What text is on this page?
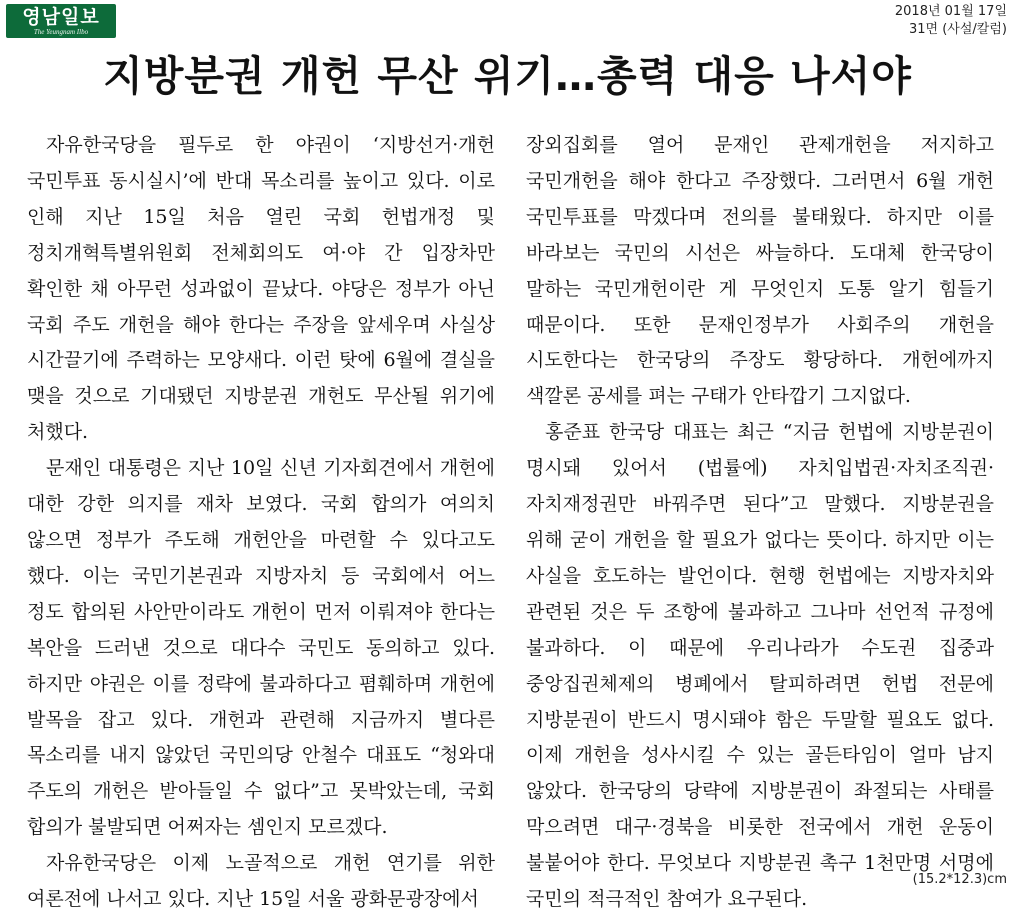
영남일보
The Yeungnam Ilbo
2018년 01월 17일
31면 (사설/칼럼)
지방분권 개헌 무산 위기…총력 대응 나서야

자유한국당을 필두로 한 야권이 ‘지방선거·개헌 국민투표 동시실시’에 반대 목소리를 높이고 있다. 이로 인해 지난 15일 처음 열린 국회 헌법개정 및 정치개혁특별위원회 전체회의도 여·야 간 입장차만 확인한 채 아무런 성과없이 끝났다. 야당은 정부가 아닌 국회 주도 개헌을 해야 한다는 주장을 앞세우며 사실상 시간끌기에 주력하는 모양새다. 이런 탓에 6월에 결실을 맺을 것으로 기대됐던 지방분권 개헌도 무산될 위기에 처했다.

문재인 대통령은 지난 10일 신년 기자회견에서 개헌에 대한 강한 의지를 재차 보였다. 국회 합의가 여의치 않으면 정부가 주도해 개헌안을 마련할 수 있다고도 했다. 이는 국민기본권과 지방자치 등 국회에서 어느 정도 합의된 사안만이라도 개헌이 먼저 이뤄져야 한다는 복안을 드러낸 것으로 대다수 국민도 동의하고 있다. 하지만 야권은 이를 정략에 불과하다고 폄훼하며 개헌에 발목을 잡고 있다. 개헌과 관련해 지금까지 별다른 목소리를 내지 않았던 국민의당 안철수 대표도 “청와대 주도의 개헌은 받아들일 수 없다”고 못박았는데, 국회 합의가 불발되면 어쩌자는 셈인지 모르겠다.

자유한국당은 이제 노골적으로 개헌 연기를 위한 여론전에 나서고 있다. 지난 15일 서울 광화문광장에서

장외집회를 열어 문재인 관제개헌을 저지하고 국민개헌을 해야 한다고 주장했다. 그러면서 6월 개헌 국민투표를 막겠다며 전의를 불태웠다. 하지만 이를 바라보는 국민의 시선은 싸늘하다. 도대체 한국당이 말하는 국민개헌이란 게 무엇인지 도통 알기 힘들기 때문이다. 또한 문재인정부가 사회주의 개헌을 시도한다는 한국당의 주장도 황당하다. 개헌에까지 색깔론 공세를 펴는 구태가 안타깝기 그지없다.

홍준표 한국당 대표는 최근 “지금 헌법에 지방분권이 명시돼 있어서 (법률에) 자치입법권·자치조직권·자치재정권만 바꿔주면 된다”고 말했다. 지방분권을 위해 굳이 개헌을 할 필요가 없다는 뜻이다. 하지만 이는 사실을 호도하는 발언이다. 현행 헌법에는 지방자치와 관련된 것은 두 조항에 불과하고 그나마 선언적 규정에 불과하다. 이 때문에 우리나라가 수도권 집중과 중앙집권체제의 병폐에서 탈피하려면 헌법 전문에 지방분권이 반드시 명시돼야 함은 두말할 필요도 없다. 이제 개헌을 성사시킬 수 있는 골든타임이 얼마 남지 않았다. 한국당의 당략에 지방분권이 좌절되는 사태를 막으려면 대구·경북을 비롯한 전국에서 개헌 운동이 불붙어야 한다. 무엇보다 지방분권 촉구 1천만명 서명에 국민의 적극적인 참여가 요구된다.

(15.2*12.3)cm
